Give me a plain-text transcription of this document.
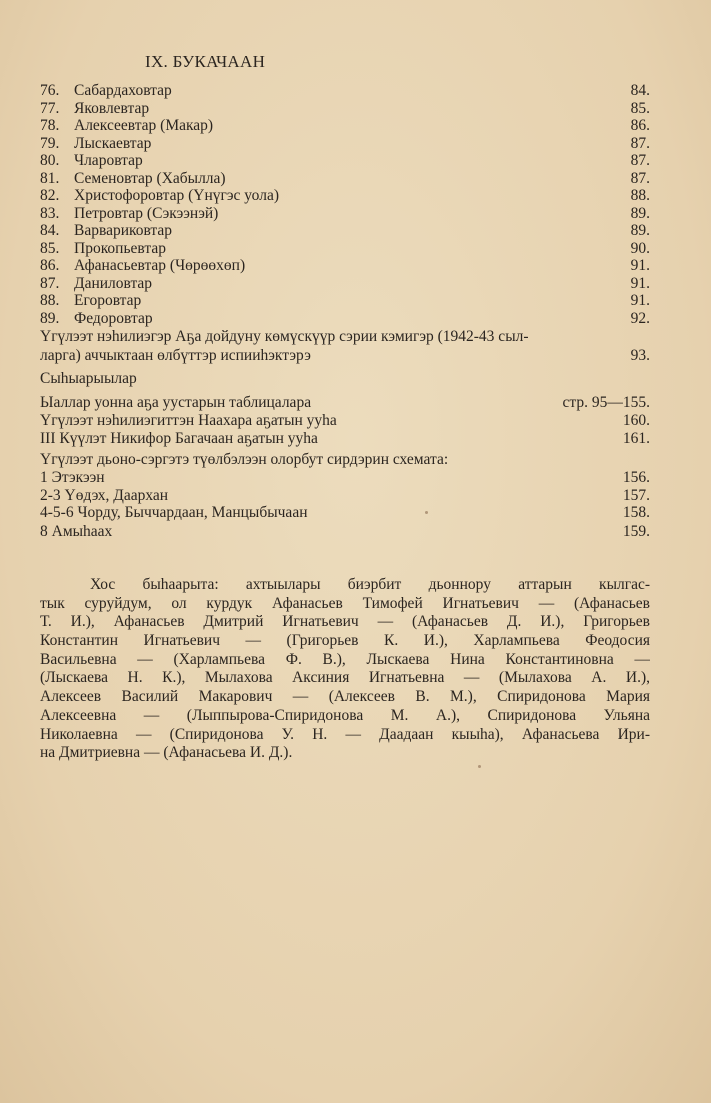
IX. БУКАЧААН
76. Сабардаховтар	84.
77. Яковлевтар	85.
78. Алексеевтар (Макар)	86.
79. Лыскаевтар	87.
80. Чларовтар	87.
81. Семеновтар (Хабылла)	87.
82. Христофоровтар (Үнүгэс уола)	88.
83. Петровтар (Сэкээнэй)	89.
84. Варвариковтар	89.
85. Прокопьевтар	90.
86. Афанасьевтар (Чөрөөхөп)	91.
87. Даниловтар	91.
88. Егоровтар	91.
89. Федоровтар	92.
Үгүлээт нэһилиэгэр Аҕа дойдуну көмүскүүр сэрии кэмигэр (1942-43 сыл-
ларга) аччыктаан өлбүттэр испииһэктэрэ	93.
Сыһыарыылар
Ыаллар уонна аҕа уустарын таблицалара	стр. 95—155.
Үгүлээт нэһилиэгиттэн Наахара аҕатын ууһа	160.
III Күүлэт Никифор Багачаан аҕатын ууһа	161.
Үгүлээт дьоно-сэргэтэ түөлбэлээн олорбут сирдэрин схемата:
1 Этэкээн	156.
2-3 Үөдэх, Даархан	157.
4-5-6 Чорду, Быччардаан, Манцыбычаан	158.
8 Амыһаах	159.
Хос быһаарыта: ахтыылары биэрбит дьоннору аттарын кылгас-
тык суруйдум, ол курдук Афанасьев Тимофей Игнатьевич — (Афанасьев
Т. И.), Афанасьев Дмитрий Игнатьевич — (Афанасьев Д. И.), Григорьев
Константин Игнатьевич — (Григорьев К. И.), Харлампьева Феодосия
Васильевна — (Харлампьева Ф. В.), Лыскаева Нина Константиновна —
(Лыскаева Н. К.), Мылахова Аксиния Игнатьевна — (Мылахова А. И.),
Алексеев Василий Макарович — (Алексеев В. М.), Спиридонова Мария
Алексеевна — (Лыппырова-Спиридонова М. А.), Спиридонова Ульяна
Николаевна — (Спиридонова У. Н. — Даадаан кыыһа), Афанасьева Ири-
на Дмитриевна — (Афанасьева И. Д.).
